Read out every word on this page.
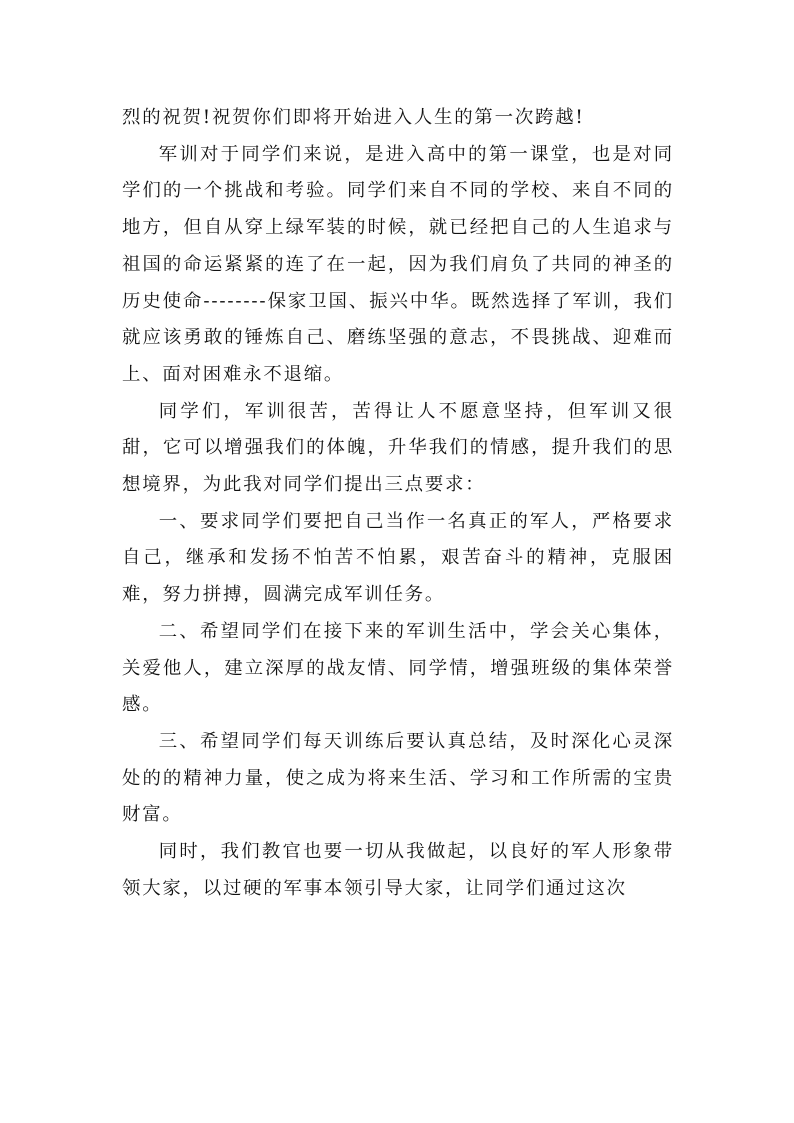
烈的祝贺!祝贺你们即将开始进入人生的第一次跨越!

军训对于同学们来说，是进入高中的第一课堂，也是对同学们的一个挑战和考验。同学们来自不同的学校、来自不同的地方，但自从穿上绿军装的时候，就已经把自己的人生追求与祖国的命运紧紧的连了在一起，因为我们肩负了共同的神圣的历史使命--------保家卫国、振兴中华。既然选择了军训，我们就应该勇敢的锤炼自己、磨练坚强的意志，不畏挑战、迎难而上、面对困难永不退缩。

同学们，军训很苦，苦得让人不愿意坚持，但军训又很甜，它可以增强我们的体魄，升华我们的情感，提升我们的思想境界，为此我对同学们提出三点要求：

一、要求同学们要把自己当作一名真正的军人，严格要求自己，继承和发扬不怕苦不怕累，艰苦奋斗的精神，克服困难，努力拼搏，圆满完成军训任务。

二、希望同学们在接下来的军训生活中，学会关心集体，关爱他人，建立深厚的战友情、同学情，增强班级的集体荣誉感。

三、希望同学们每天训练后要认真总结，及时深化心灵深处的的精神力量，使之成为将来生活、学习和工作所需的宝贵财富。

同时，我们教官也要一切从我做起，以良好的军人形象带领大家，以过硬的军事本领引导大家，让同学们通过这次
